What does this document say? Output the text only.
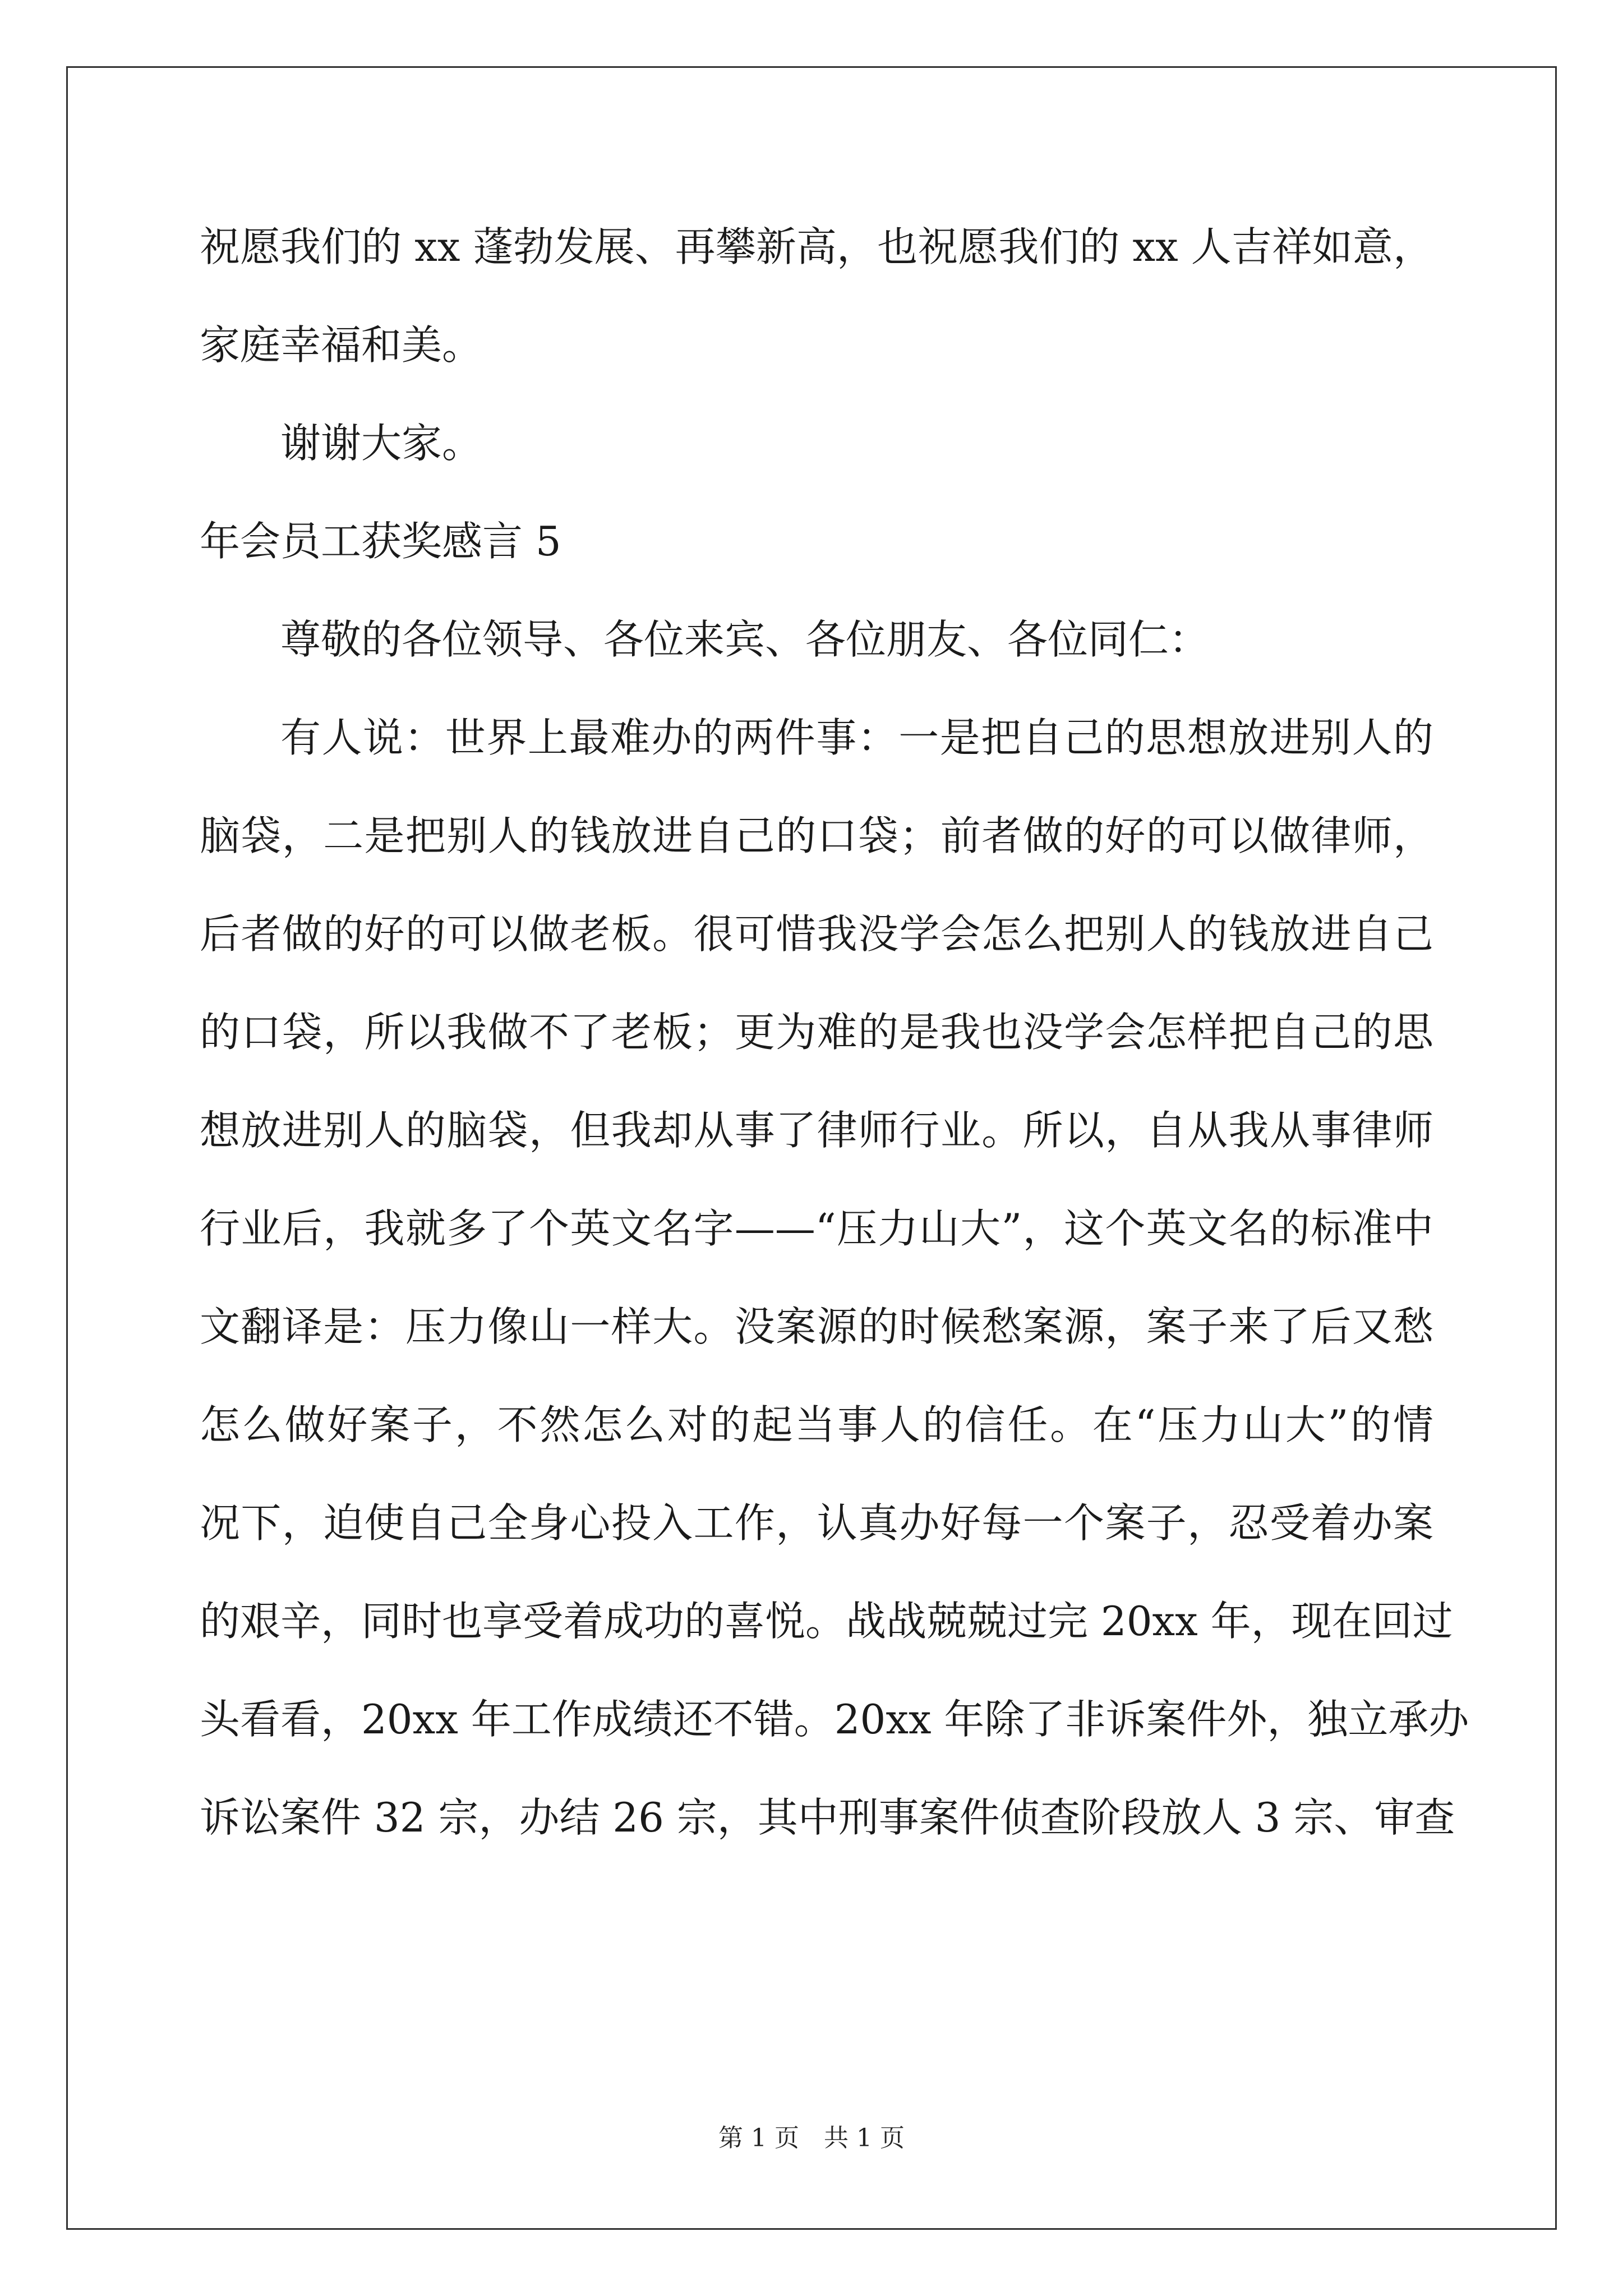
祝愿我们的 xx 蓬勃发展、再攀新高，也祝愿我们的 xx 人吉祥如意，
家庭幸福和美。
谢谢大家。
年会员工获奖感言 5
尊敬的各位领导、各位来宾、各位朋友、各位同仁：
有人说：世界上最难办的两件事：一是把自己的思想放进别人的
脑袋，二是把别人的钱放进自己的口袋；前者做的好的可以做律师，
后者做的好的可以做老板。很可惜我没学会怎么把别人的钱放进自己
的口袋，所以我做不了老板；更为难的是我也没学会怎样把自己的思
想放进别人的脑袋，但我却从事了律师行业。所以，自从我从事律师
行业后，我就多了个英文名字——“压力山大”，这个英文名的标准中
文翻译是：压力像山一样大。没案源的时候愁案源，案子来了后又愁
怎么做好案子，不然怎么对的起当事人的信任。在“压力山大”的情
况下，迫使自己全身心投入工作，认真办好每一个案子，忍受着办案
的艰辛，同时也享受着成功的喜悦。战战兢兢过完 20xx 年，现在回过
头看看，20xx 年工作成绩还不错。20xx 年除了非诉案件外，独立承办
诉讼案件 32 宗，办结 26 宗，其中刑事案件侦查阶段放人 3 宗、审查
第 1 页　共 1 页
